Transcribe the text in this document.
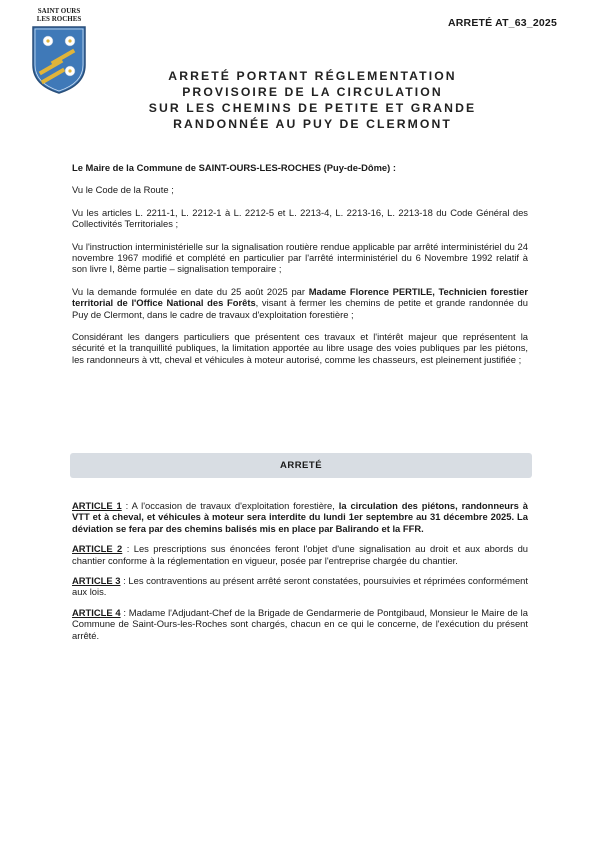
ARRETÉ AT_63_2025
SAINT OURS
LES ROCHES
ARRETÉ PORTANT RÉGLEMENTATION
PROVISOIRE DE LA CIRCULATION
SUR LES CHEMINS DE PETITE ET GRANDE
RANDONNÉE AU PUY DE CLERMONT

Le Maire de la Commune de SAINT-OURS-LES-ROCHES (Puy-de-Dôme) :

Vu le Code de la Route ;

Vu les articles L. 2211-1, L. 2212-1 à L. 2212-5 et L. 2213-4, L. 2213-16, L. 2213-18 du Code Général des Collectivités Territoriales ;

Vu l'instruction interministérielle sur la signalisation routière rendue applicable par arrêté interministériel du 24 novembre 1967 modifié et complété en particulier par l'arrêté interministériel du 6 Novembre 1992 relatif à son livre I, 8ème partie – signalisation temporaire ;

Vu la demande formulée en date du 25 août 2025 par Madame Florence PERTILE, Technicien forestier territorial de l'Office National des Forêts, visant à fermer les chemins de petite et grande randonnée du Puy de Clermont, dans le cadre de travaux d'exploitation forestière ;

Considérant les dangers particuliers que présentent ces travaux et l'intérêt majeur que représentent la sécurité et la tranquillité publiques, la limitation apportée au libre usage des voies publiques par les piétons, les randonneurs à vtt, cheval et véhicules à moteur autorisé, comme les chasseurs, est pleinement justifiée ;

ARRETÉ

ARTICLE 1 : A l'occasion de travaux d'exploitation forestière, la circulation des piétons, randonneurs à VTT et à cheval, et véhicules à moteur sera interdite du lundi 1er septembre au 31 décembre 2025. La déviation se fera par des chemins balisés mis en place par Balirando et la FFR.

ARTICLE 2 : Les prescriptions sus énoncées feront l'objet d'une signalisation au droit et aux abords du chantier conforme à la réglementation en vigueur, posée par l'entreprise chargée du chantier.

ARTICLE 3 : Les contraventions au présent arrêté seront constatées, poursuivies et réprimées conformément aux lois.

ARTICLE 4 : Madame l'Adjudant-Chef de la Brigade de Gendarmerie de Pontgibaud, Monsieur le Maire de la Commune de Saint-Ours-les-Roches sont chargés, chacun en ce qui le concerne, de l'exécution du présent arrêté.
